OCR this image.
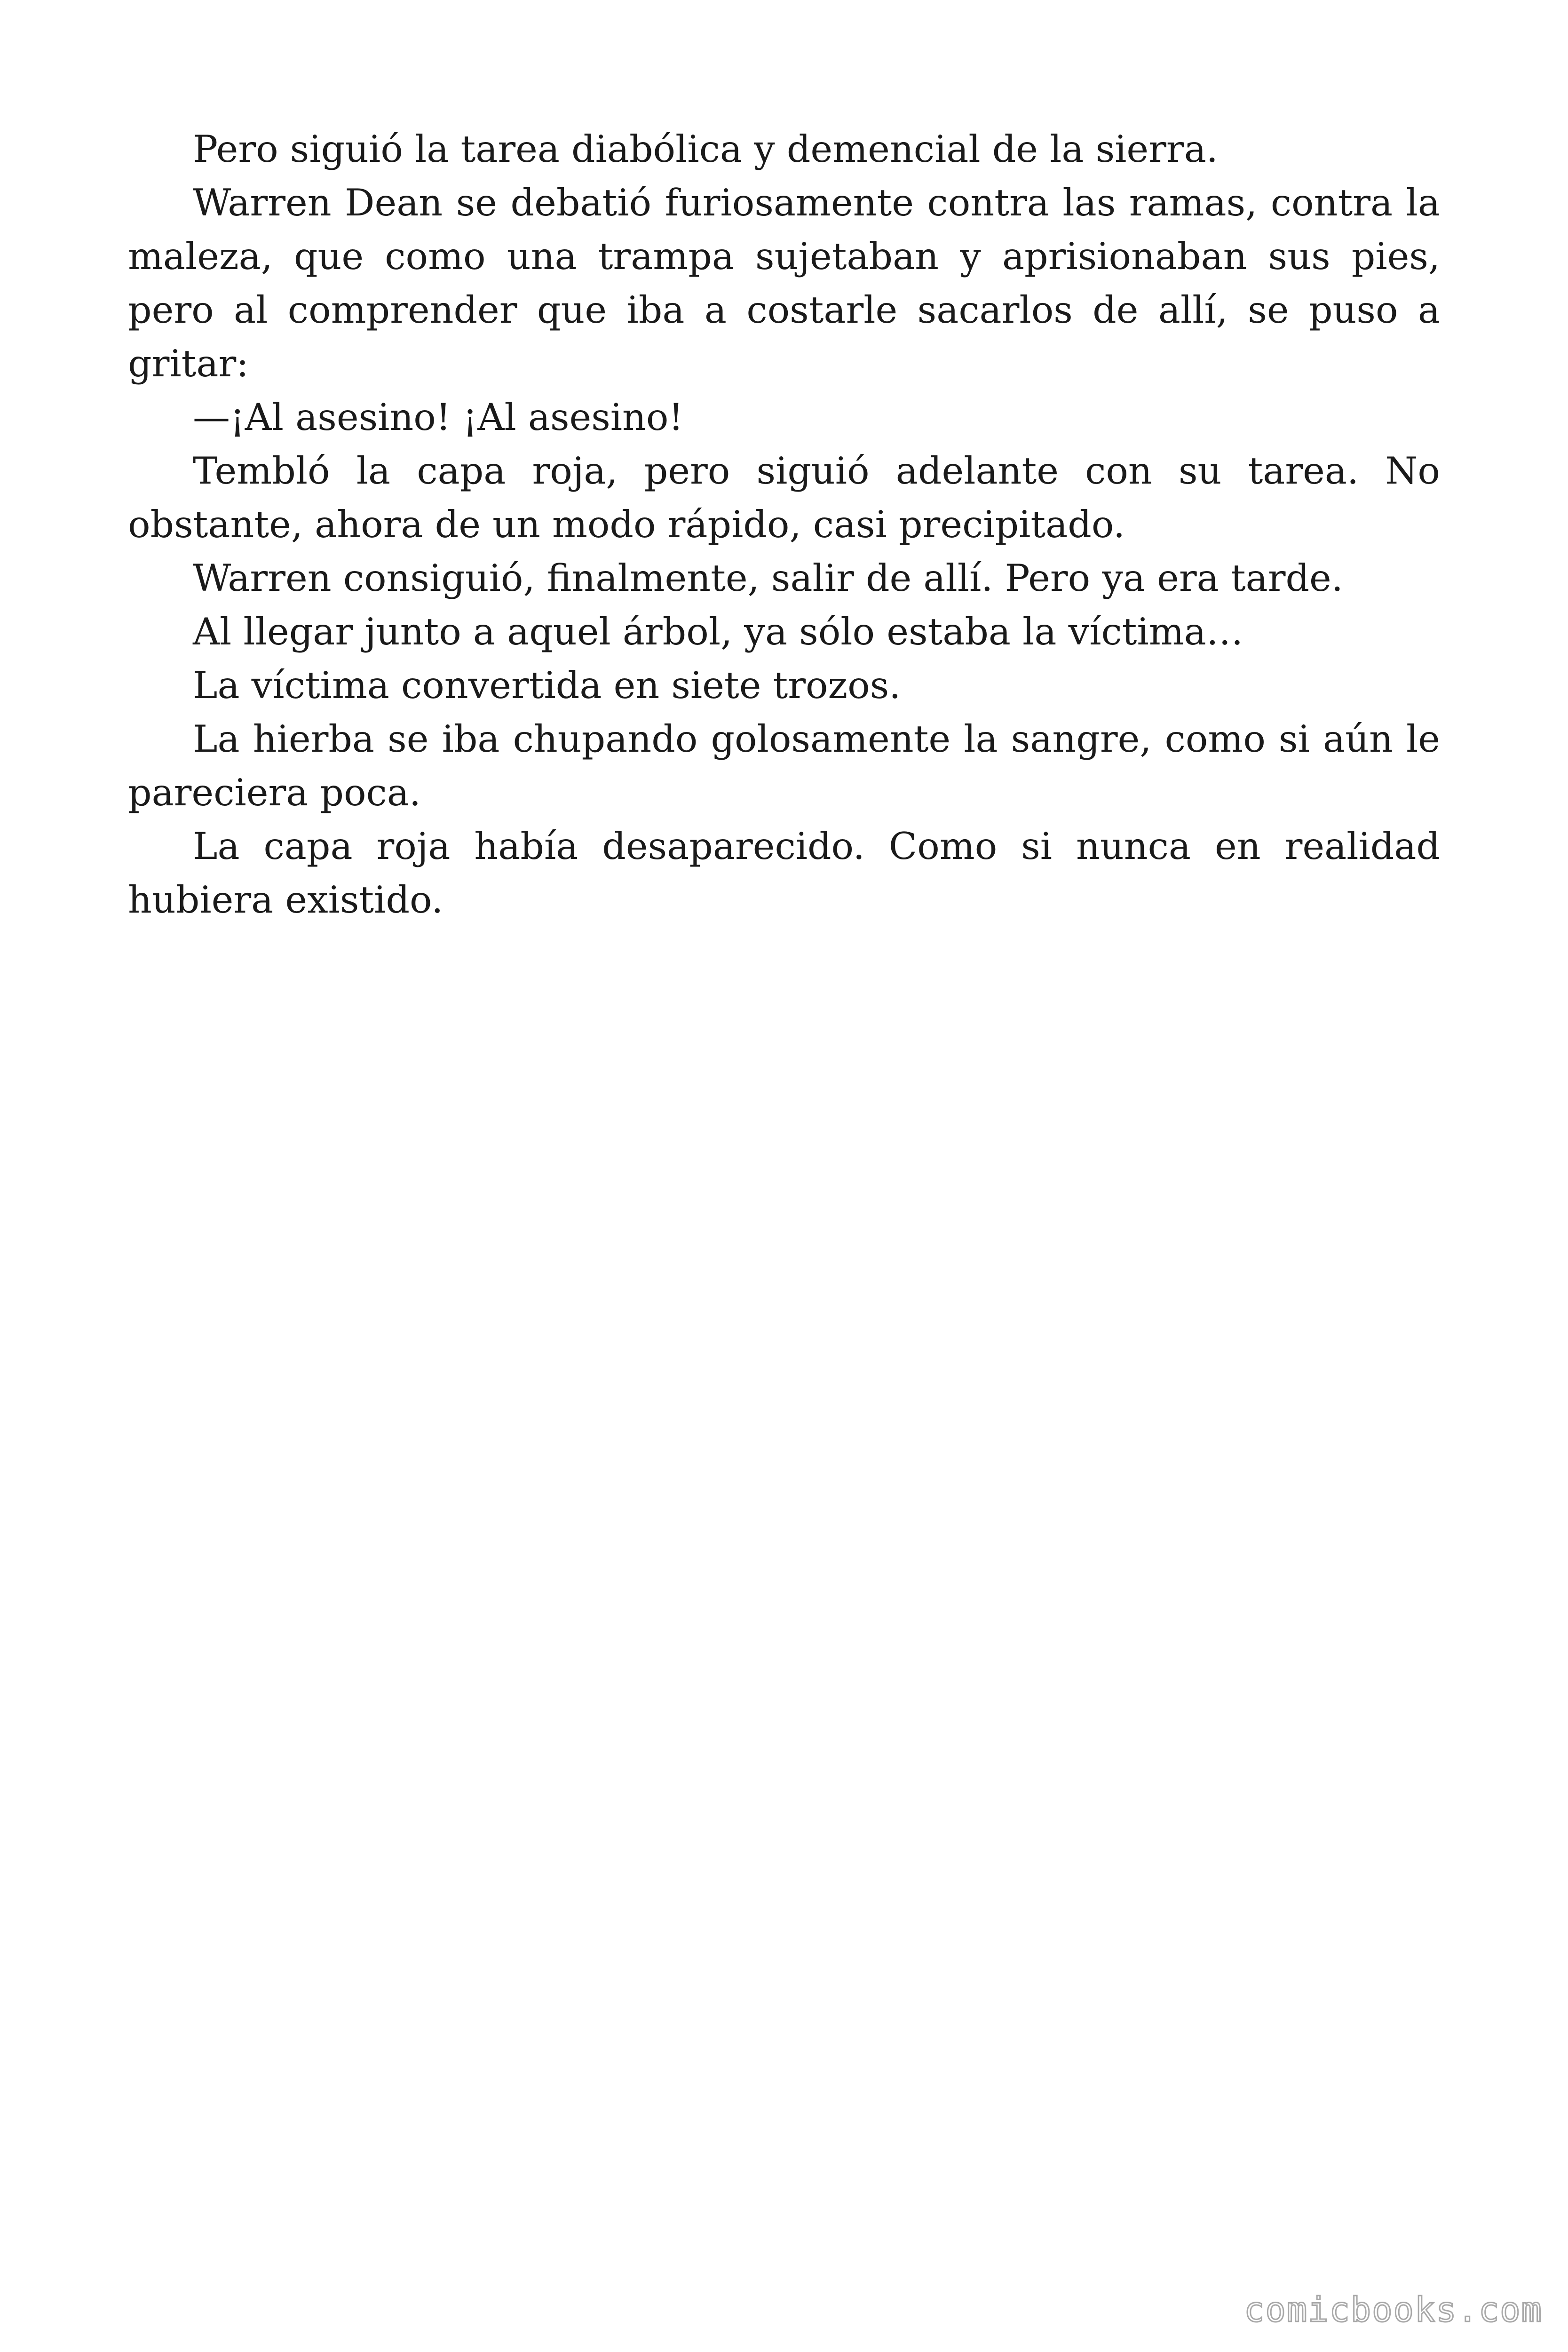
Pero siguió la tarea diabólica y demencial de la sierra.

Warren Dean se debatió furiosamente contra las ramas, contra la maleza, que como una trampa sujetaban y aprisionaban sus pies, pero al comprender que iba a costarle sacarlos de allí, se puso a gritar:

—¡Al asesino! ¡Al asesino!

Tembló la capa roja, pero siguió adelante con su tarea. No obstante, ahora de un modo rápido, casi precipitado.

Warren consiguió, finalmente, salir de allí. Pero ya era tarde.

Al llegar junto a aquel árbol, ya sólo estaba la víctima…

La víctima convertida en siete trozos.

La hierba se iba chupando golosamente la sangre, como si aún le pareciera poca.

La capa roja había desaparecido. Como si nunca en realidad hubiera existido.

comicbooks.com
